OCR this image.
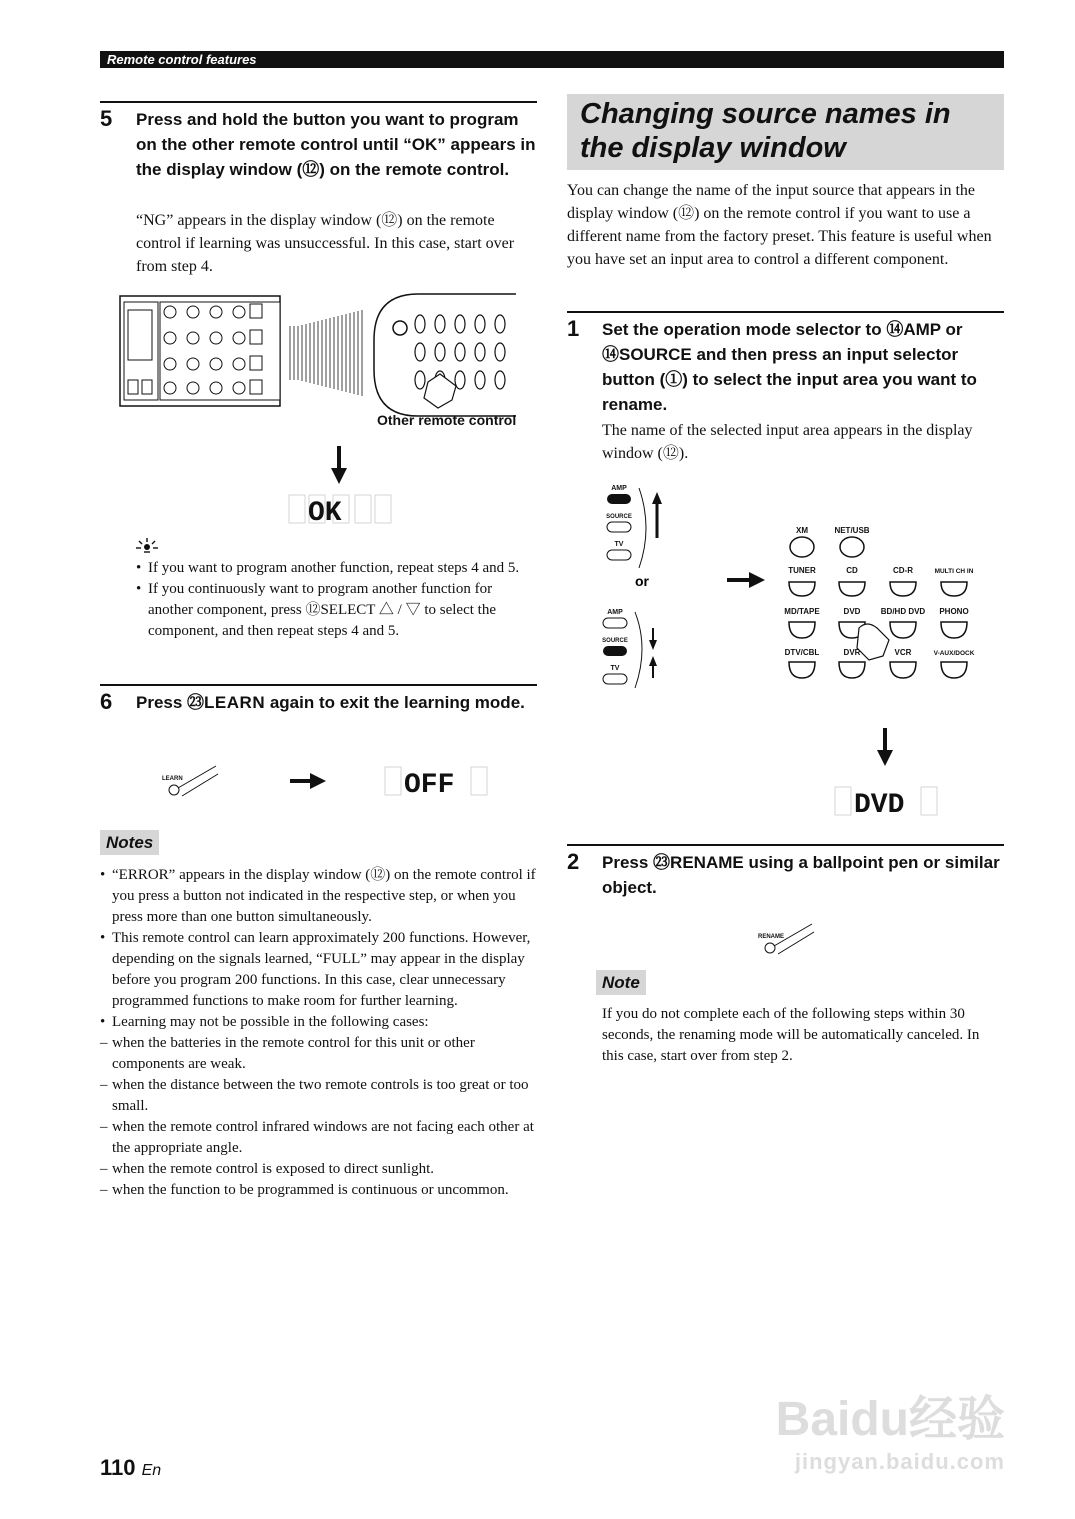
Remote control features
5 Press and hold the button you want to program on the other remote control until “OK” appears in the display window (⑫) on the remote control.
“NG” appears in the display window (⑫) on the remote control if learning was unsuccessful. In this case, start over from step 4.
Other remote control
OK
• If you want to program another function, repeat steps 4 and 5.
• If you continuously want to program another function for another component, press ⑫SELECT △ / ▽ to select the component, and then repeat steps 4 and 5.
6 Press ㉓LEARN again to exit the learning mode.
LEARN	OFF
Notes
• “ERROR” appears in the display window (⑫) on the remote control if you press a button not indicated in the respective step, or when you press more than one button simultaneously.
• This remote control can learn approximately 200 functions. However, depending on the signals learned, “FULL” may appear in the display before you program 200 functions. In this case, clear unnecessary programmed functions to make room for further learning.
• Learning may not be possible in the following cases:
– when the batteries in the remote control for this unit or other components are weak.
– when the distance between the two remote controls is too great or too small.
– when the remote control infrared windows are not facing each other at the appropriate angle.
– when the remote control is exposed to direct sunlight.
– when the function to be programmed is continuous or uncommon.
Changing source names in the display window
You can change the name of the input source that appears in the display window (⑫) on the remote control if you want to use a different name from the factory preset. This feature is useful when you have set an input area to control a different component.
1 Set the operation mode selector to ⑭AMP or ⑭SOURCE and then press an input selector button (①) to select the input area you want to rename.
The name of the selected input area appears in the display window (⑫).
AMP
SOURCE
TV
or
AMP
SOURCE
TV
XM	NET/USB
TUNER	CD	CD-R	MULTI CH IN
MD/TAPE	DVD	BD/HD DVD PHONO
DTV/CBL	DVR	VCR	V-AUX/DOCK
DVD
2 Press ㉓RENAME using a ballpoint pen or similar object.
RENAME
Note
If you do not complete each of the following steps within 30 seconds, the renaming mode will be automatically canceled. In this case, start over from step 2.
110 En
Baidu经验
jingyan.baidu.com
